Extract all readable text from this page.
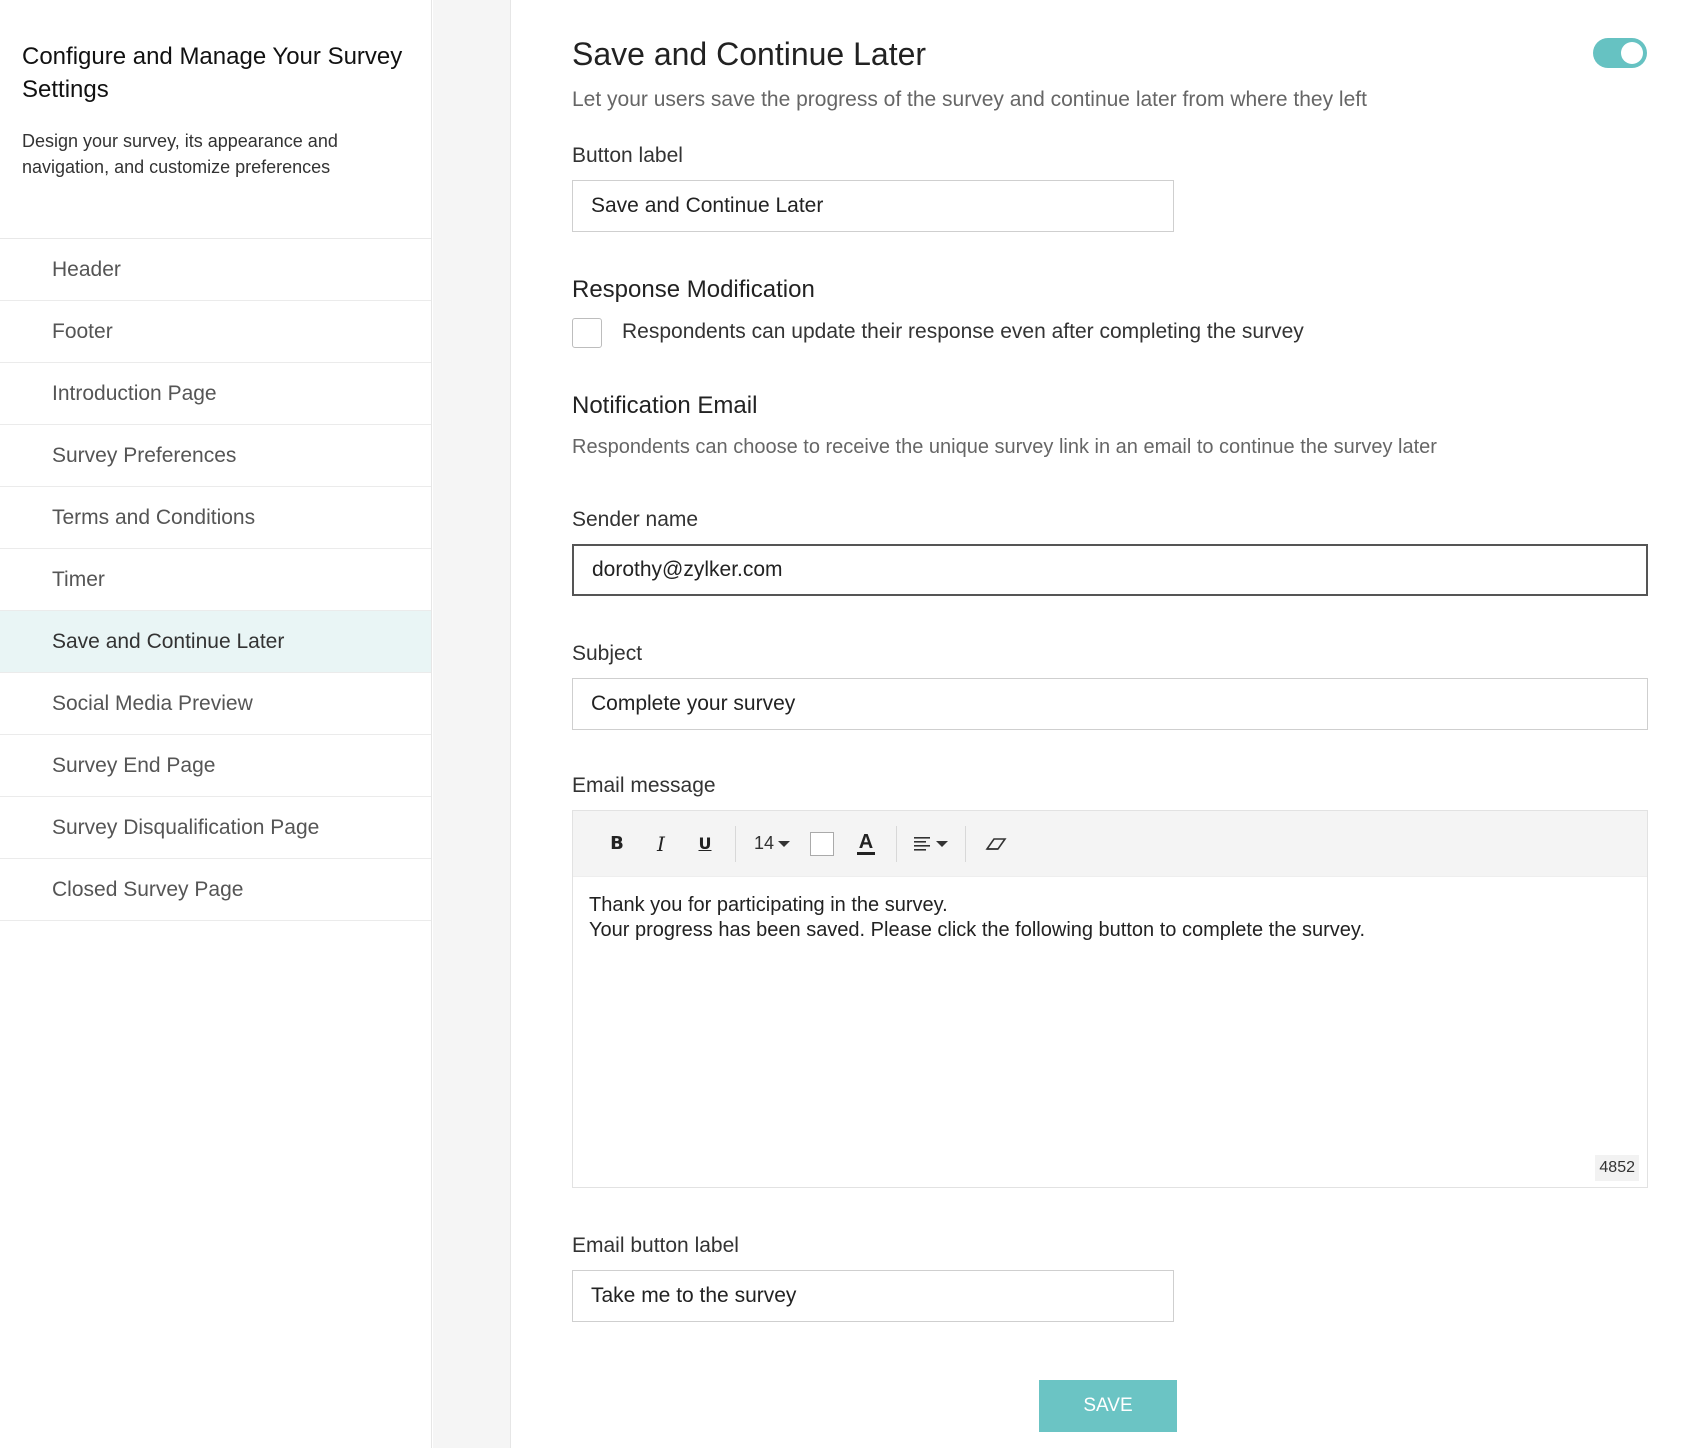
Configure and Manage Your Survey Settings
Design your survey, its appearance and navigation, and customize preferences
Header
Footer
Introduction Page
Survey Preferences
Terms and Conditions
Timer
Save and Continue Later
Social Media Preview
Survey End Page
Survey Disqualification Page
Closed Survey Page
Save and Continue Later
Let your users save the progress of the survey and continue later from where they left
Button label
Save and Continue Later
Response Modification
Respondents can update their response even after completing the survey
Notification Email
Respondents can choose to receive the unique survey link in an email to continue the survey later
Sender name
dorothy@zylker.com
Subject
Complete your survey
Email message
B I U 14	A
Thank you for participating in the survey.
Your progress has been saved. Please click the following button to complete the survey.
4852
Email button label
Take me to the survey
SAVE
